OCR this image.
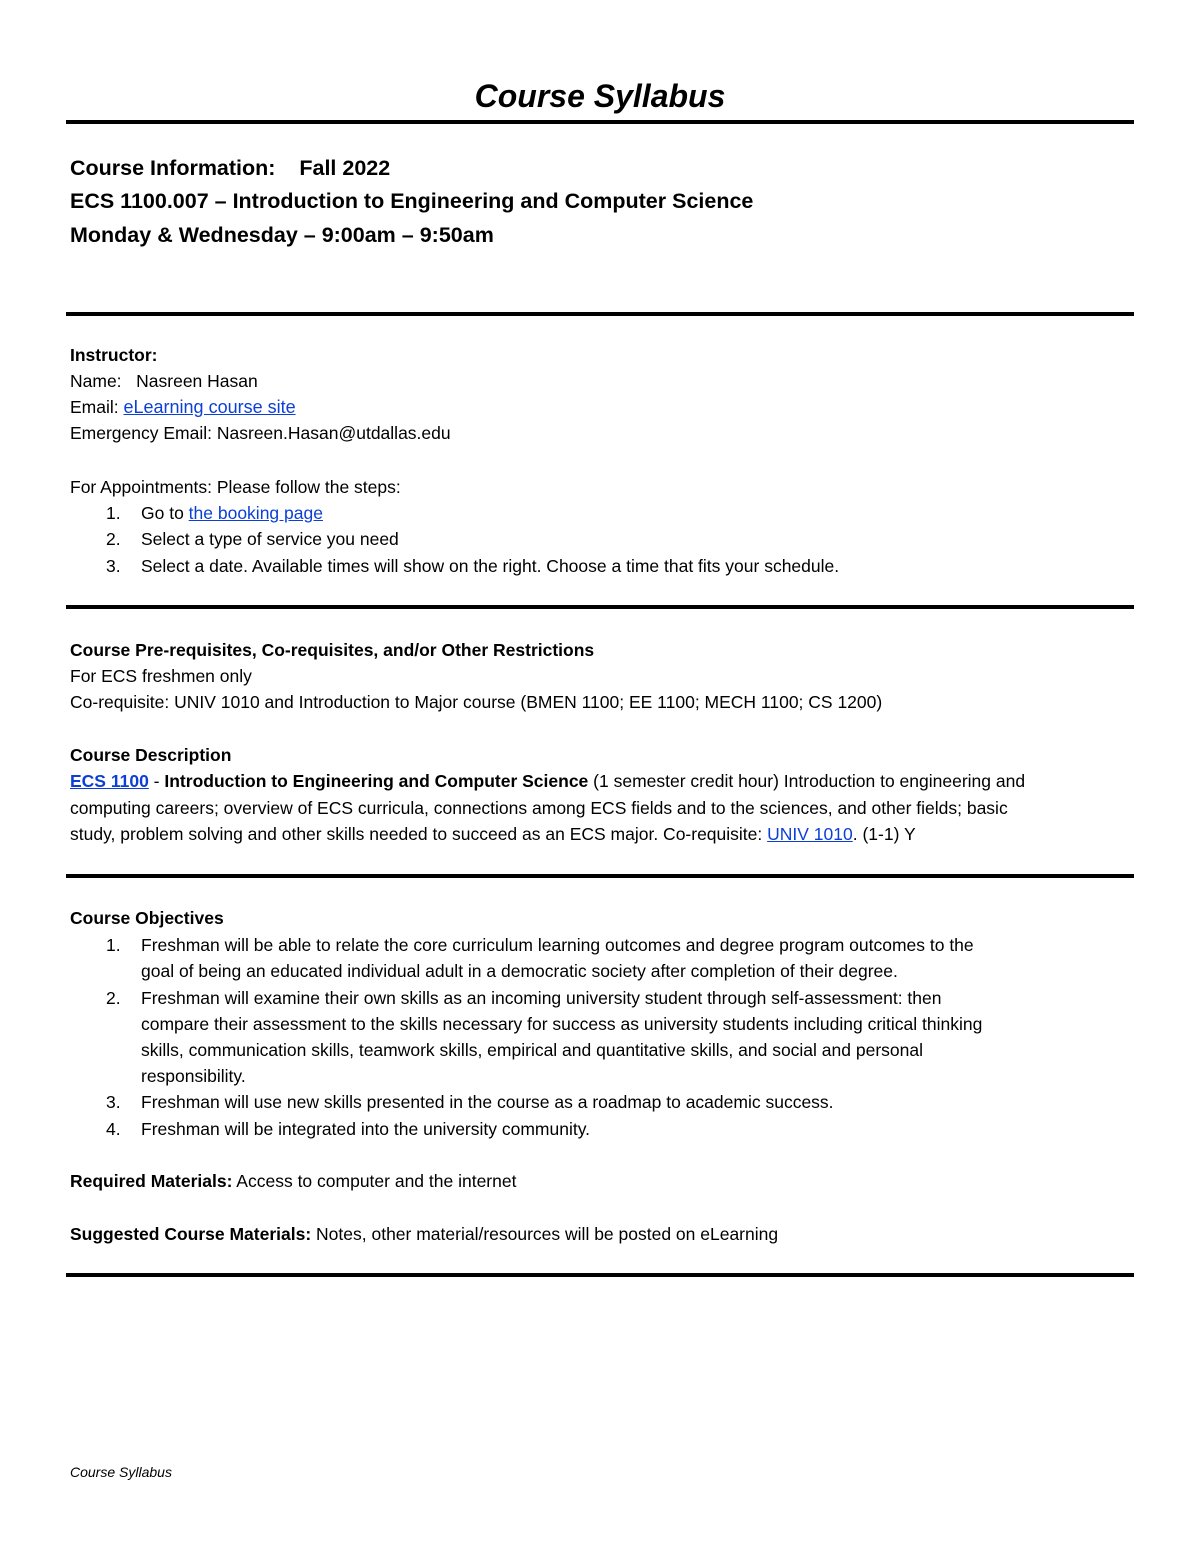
Course Syllabus
Course Information: Fall 2022
ECS 1100.007 – Introduction to Engineering and Computer Science
Monday & Wednesday – 9:00am – 9:50am
Instructor:
Name: Nasreen Hasan
Email: eLearning course site
Emergency Email: Nasreen.Hasan@utdallas.edu
For Appointments: Please follow the steps:
1.	Go to the booking page
2.	Select a type of service you need
3.	Select a date. Available times will show on the right. Choose a time that fits your schedule.
Course Pre-requisites, Co-requisites, and/or Other Restrictions
For ECS freshmen only
Co-requisite: UNIV 1010 and Introduction to Major course (BMEN 1100; EE 1100; MECH 1100; CS 1200)
Course Description
ECS 1100 - Introduction to Engineering and Computer Science (1 semester credit hour) Introduction to engineering and
computing careers; overview of ECS curricula, connections among ECS fields and to the sciences, and other fields; basic
study, problem solving and other skills needed to succeed as an ECS major. Co-requisite: UNIV 1010. (1-1) Y
Course Objectives
1.	Freshman will be able to relate the core curriculum learning outcomes and degree program outcomes to the
goal of being an educated individual adult in a democratic society after completion of their degree.
2.	Freshman will examine their own skills as an incoming university student through self-assessment: then
compare their assessment to the skills necessary for success as university students including critical thinking
skills, communication skills, teamwork skills, empirical and quantitative skills, and social and personal
responsibility.
3.	Freshman will use new skills presented in the course as a roadmap to academic success.
4.	Freshman will be integrated into the university community.
Required Materials: Access to computer and the internet
Suggested Course Materials: Notes, other material/resources will be posted on eLearning
Course Syllabus
